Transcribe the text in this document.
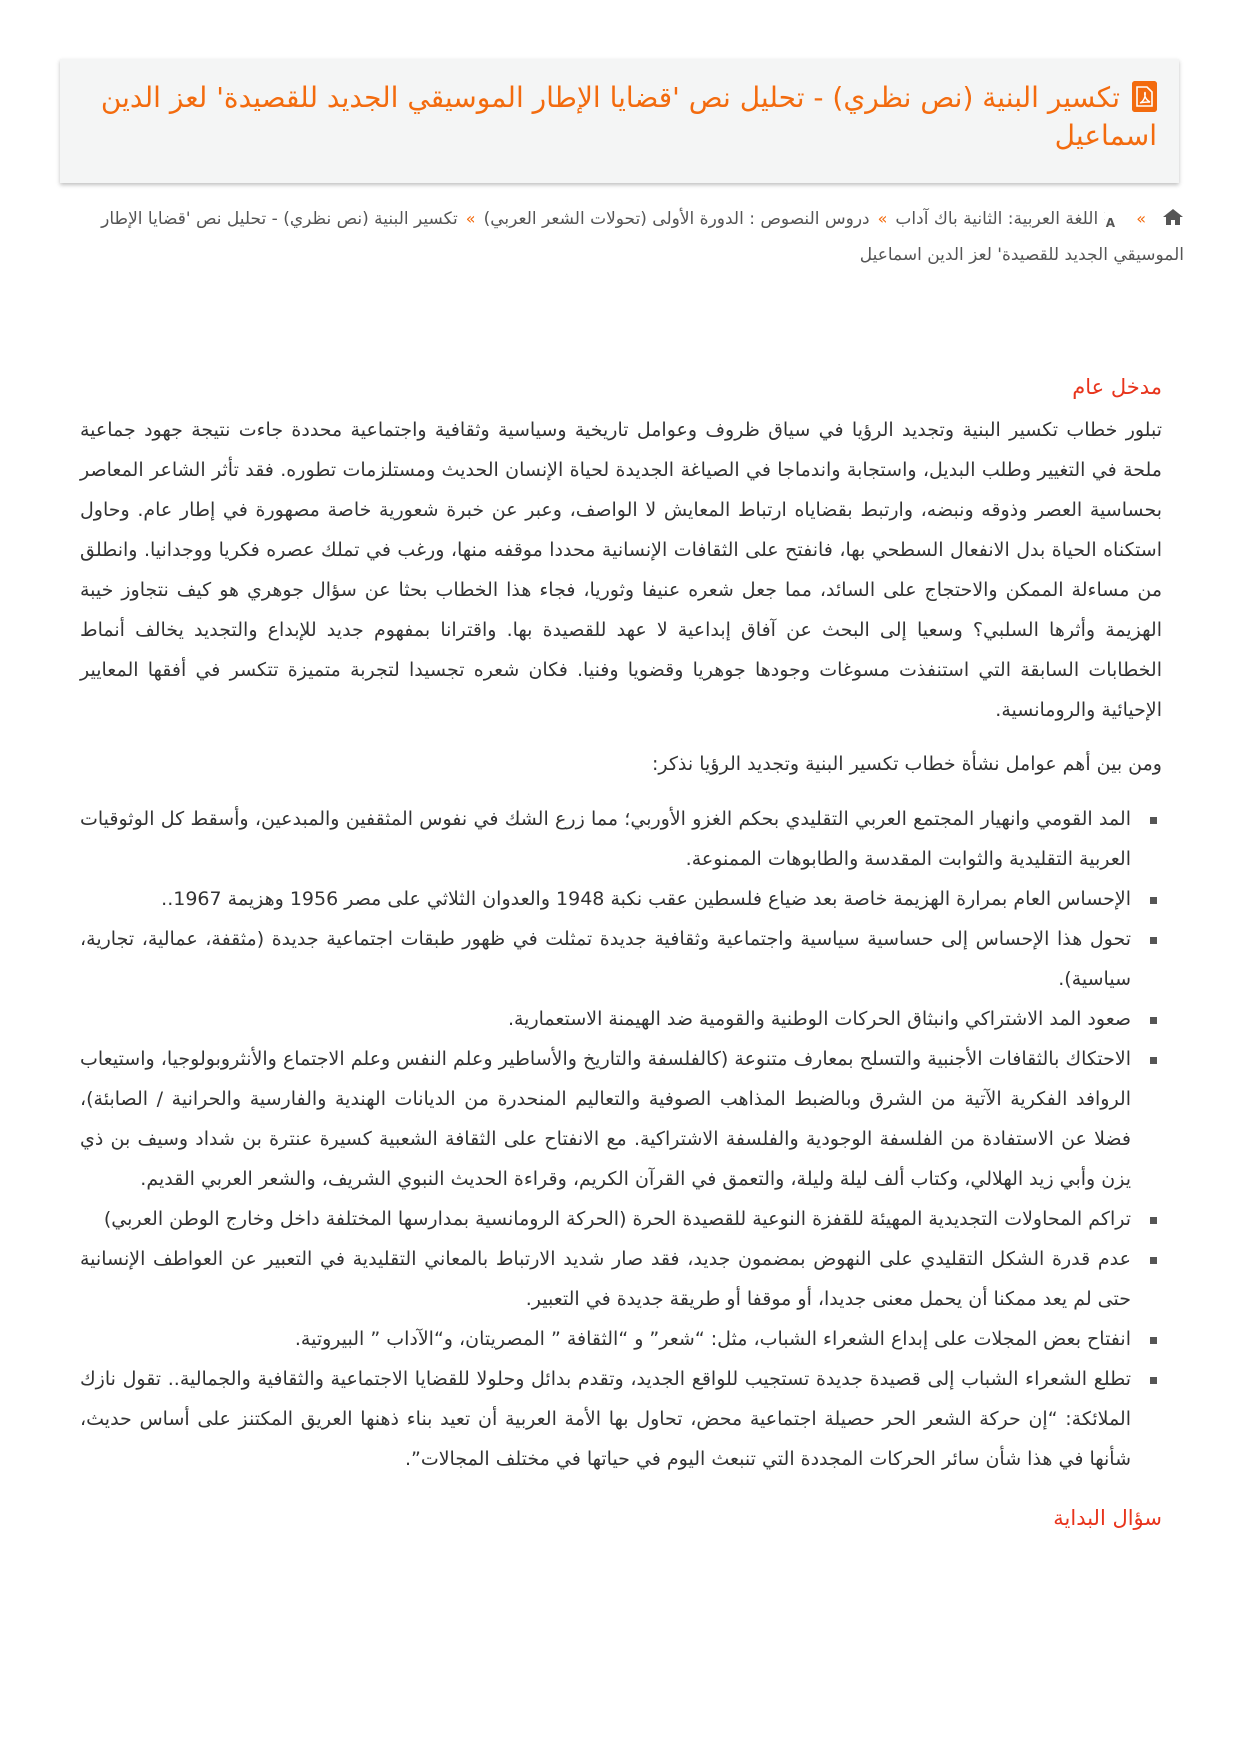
تكسير البنية (نص نظري) - تحليل نص 'قضايا الإطار الموسيقي الجديد للقصيدة' لعز الدين اسماعيل
»
A
اللغة العربية: الثانية باك آداب»دروس النصوص : الدورة الأولى (تحولات الشعر العربي)»تكسير البنية (نص نظري) - تحليل نص 'قضايا الإطار الموسيقي الجديد للقصيدة' لعز الدين اسماعيل
مدخل عام

تبلور خطاب تكسير البنية وتجديد الرؤيا في سياق ظروف وعوامل تاريخية وسياسية وثقافية واجتماعية محددة جاءت نتيجة جهود جماعية ملحة في التغيير وطلب البديل، واستجابة واندماجا في الصياغة الجديدة لحياة الإنسان الحديث ومستلزمات تطوره. فقد تأثر الشاعر المعاصر بحساسية العصر وذوقه ونبضه، وارتبط بقضاياه ارتباط المعايش لا الواصف، وعبر عن خبرة شعورية خاصة مصهورة في إطار عام. وحاول استكناه الحياة بدل الانفعال السطحي بها، فانفتح على الثقافات الإنسانية محددا موقفه منها، ورغب في تملك عصره فكريا ووجدانيا. وانطلق من مساءلة الممكن والاحتجاج على السائد، مما جعل شعره عنيفا وثوريا، فجاء هذا الخطاب بحثا عن سؤال جوهري هو كيف نتجاوز خيبة الهزيمة وأثرها السلبي؟ وسعيا إلى البحث عن آفاق إبداعية لا عهد للقصيدة بها. واقترانا بمفهوم جديد للإبداع والتجديد يخالف أنماط الخطابات السابقة التي استنفذت مسوغات وجودها جوهريا وقضويا وفنيا. فكان شعره تجسيدا لتجربة متميزة تتكسر في أفقها المعايير الإحيائية والرومانسية.

ومن بين أهم عوامل نشأة خطاب تكسير البنية وتجديد الرؤيا نذكر:

المد القومي وانهيار المجتمع العربي التقليدي بحكم الغزو الأوربي؛ مما زرع الشك في نفوس المثقفين والمبدعين، وأسقط كل الوثوقيات العربية التقليدية والثوابت المقدسة والطابوهات الممنوعة.
الإحساس العام بمرارة الهزيمة خاصة بعد ضياع فلسطين عقب نكبة 1948 والعدوان الثلاثي على مصر 1956 وهزيمة 1967..
تحول هذا الإحساس إلى حساسية سياسية واجتماعية وثقافية جديدة تمثلت في ظهور طبقات اجتماعية جديدة (مثقفة، عمالية، تجارية، سياسية).
صعود المد الاشتراكي وانبثاق الحركات الوطنية والقومية ضد الهيمنة الاستعمارية.
الاحتكاك بالثقافات الأجنبية والتسلح بمعارف متنوعة (كالفلسفة والتاريخ والأساطير وعلم النفس وعلم الاجتماع والأنثروبولوجيا، واستيعاب الروافد الفكرية الآتية من الشرق وبالضبط المذاهب الصوفية والتعاليم المنحدرة من الديانات الهندية والفارسية والحرانية / الصابئة)، فضلا عن الاستفادة من الفلسفة الوجودية والفلسفة الاشتراكية. مع الانفتاح على الثقافة الشعبية كسيرة عنترة بن شداد وسيف بن ذي يزن وأبي زيد الهلالي، وكتاب ألف ليلة وليلة، والتعمق في القرآن الكريم، وقراءة الحديث النبوي الشريف، والشعر العربي القديم.
تراكم المحاولات التجديدية المهيئة للقفزة النوعية للقصيدة الحرة (الحركة الرومانسية بمدارسها المختلفة داخل وخارج الوطن العربي)
عدم قدرة الشكل التقليدي على النهوض بمضمون جديد، فقد صار شديد الارتباط بالمعاني التقليدية في التعبير عن العواطف الإنسانية حتى لم يعد ممكنا أن يحمل معنى جديدا، أو موقفا أو طريقة جديدة في التعبير.
انفتاح بعض المجلات على إبداع الشعراء الشباب، مثل: “شعر” و “الثقافة ” المصريتان، و“الآداب ” البيروتية.
تطلع الشعراء الشباب إلى قصيدة جديدة تستجيب للواقع الجديد، وتقدم بدائل وحلولا للقضايا الاجتماعية والثقافية والجمالية.. تقول نازك الملائكة: “إن حركة الشعر الحر حصيلة اجتماعية محض، تحاول بها الأمة العربية أن تعيد بناء ذهنها العريق المكتنز على أساس حديث، شأنها في هذا شأن سائر الحركات المجددة التي تنبعث اليوم في حياتها في مختلف المجالات”.
سؤال البداية
